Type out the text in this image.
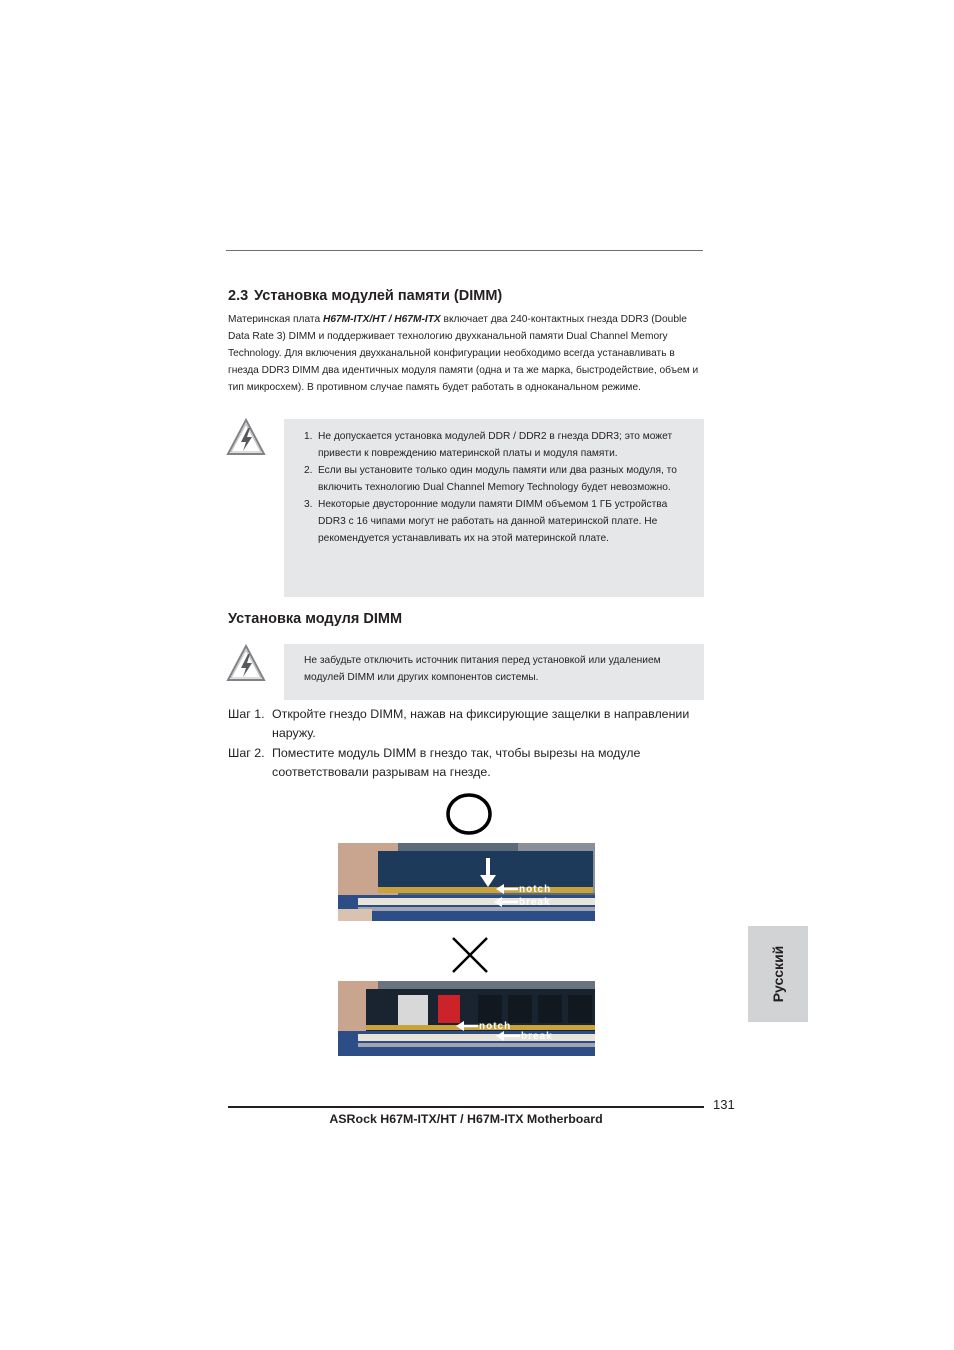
2.3 Установка модулей памяти (DIMM)
Материнская плата H67M-ITX/HT / H67M-ITX включает два 240-контактных гнезда DDR3 (Double Data Rate 3) DIMM и поддерживает технологию двухканальной памяти Dual Channel Memory Technology. Для включения двухканальной конфигурации необходимо всегда устанавливать в гнезда DDR3 DIMM два идентичных модуля памяти (одна и та же марка, быстродействие, объем и тип микросхем). В противном случае память будет работать в одноканальном режиме.
1. Не допускается установка модулей DDR / DDR2 в гнезда DDR3; это может привести к повреждению материнской платы и модуля памяти.
2. Если вы установите только один модуль памяти или два разных модуля, то включить технологию Dual Channel Memory Technology будет невозможно.
3. Некоторые двусторонние модули памяти DIMM объемом 1 ГБ устройства DDR3 с 16 чипами могут не работать на данной материнской плате. Не рекомендуется устанавливать их на этой материнской плате.
Установка модуля DIMM

Не забудьте отключить источник питания перед установкой или удалением модулей DIMM или других компонентов системы.

Шаг 1. Откройте гнездо DIMM, нажав на фиксирующие защелки в направлении наружу.
Шаг 2. Поместите модуль DIMM в гнездо так, чтобы вырезы на модуле соответствовали разрывам на гнезде.
notch
break
notch
break
Русский
131
ASRock H67M-ITX/HT / H67M-ITX Motherboard
